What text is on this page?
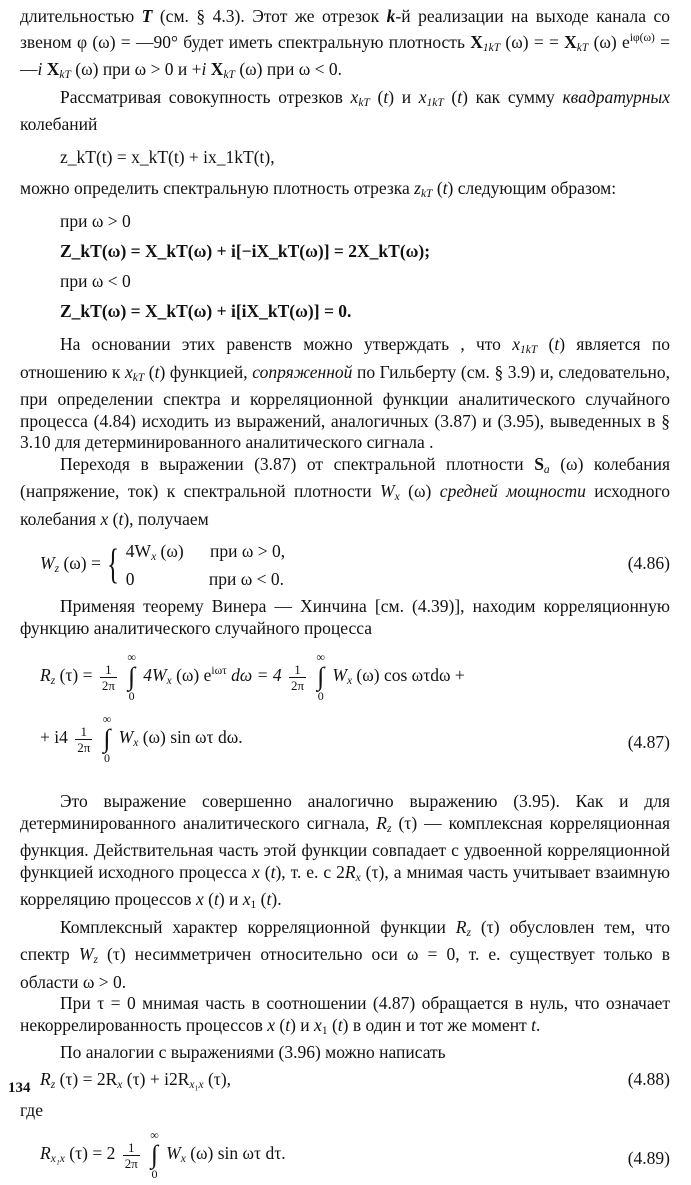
длительностью T (см. § 4.3). Этот же отрезок k-й реализации на выходе канала со звеном φ (ω) = —90° будет иметь спектральную плотность $X_{1kT}$ (ω) = = $X_{kT}$ (ω) $e^{i\varphi(\omega)}$ = —i $X_{kT}$ (ω) при ω > 0 и +i $X_{kT}$ (ω) при ω < 0.

Рассматривая совокупность отрезков $x_{kT}$ (t) и $x_{1kT}$ (t) как сумму квадратурных колебаний

z_kT(t) = x_kT(t) + ix_1kT(t),

можно определить спектральную плотность отрезка $z_{kT}$ (t) следующим образом:

при ω > 0
Z_kT(ω) = X_kT(ω) + i[−iX_kT(ω)] = 2X_kT(ω);
при ω < 0
Z_kT(ω) = X_kT(ω) + i[iX_kT(ω)] = 0.

На основании этих равенств можно утверждать , что $x_{1kT}$ (t) является по отношению к $x_{kT}$ (t) функцией, сопряженной по Гильберту (см. § 3.9) и, следовательно, при определении спектра и корреляционной функции аналитического случайного процесса (4.84) исходить из выражений, аналогичных (3.87) и (3.95), выведенных в § 3.10 для детерминированного аналитического сигнала .

Переходя в выражении (3.87) от спектральной плотности $S_a$ (ω) колебания (напряжение, ток) к спектральной плотности $W_x$ (ω) средней мощности исходного колебания x (t), получаем

$W_z$ (ω) = { $4W_x$ (ω) при ω > 0,
0	при ω < 0.
(4.86)

Применяя теорему Винера — Хинчина [см. (4.39)], находим корреляционную функцию аналитического случайного процесса

$R_z$ $(\tau) = \frac{1}{2\pi}$

∞
∫
0
$4W_x$ (ω) $e^{i\omega\tau}$ $d\omega = 4 \frac{1}{2\pi}$

∞
∫
0
$W_x$ (ω) cos ωτdω +
+ $i4 \frac{1}{2\pi}$

∞
∫
0
$W_x$ (ω) sin ωτ dω.	(4.87)

Это выражение совершенно аналогично выражению (3.95). Как и для детерминированного аналитического сигнала, $R_z$ (τ) — комплексная корреляционная функция. Действительная часть этой функции совпадает с удвоенной корреляционной функцией исходного процесса x (t), т. е. с $2R_x$ (τ), а мнимая часть учитывает взаимную корреляцию процессов x (t) и $x_1$ (t).

Комплексный характер корреляционной функции $R_z$ (τ) обусловлен тем, что спектр $W_z$ (τ) несимметричен относительно оси ω = 0, т. е. существует только в области ω > 0.

При τ = 0 мнимая часть в соотношении (4.87) обращается в нуль, что означает некоррелированность процессов x (t) и $x_1$ (t) в один и тот же момент t.

По аналогии с выражениями (3.96) можно написать

$R_z$ $(\tau) = 2R_x$ $(\tau) + i2R_{x_1x}$ (τ),	(4.88)

где

$R_{x_1x}$ $(\tau) = 2 \frac{1}{2\pi}$

∞
∫
0
$W_x$ (ω) sin ωτ dτ.	(4.89)
134
